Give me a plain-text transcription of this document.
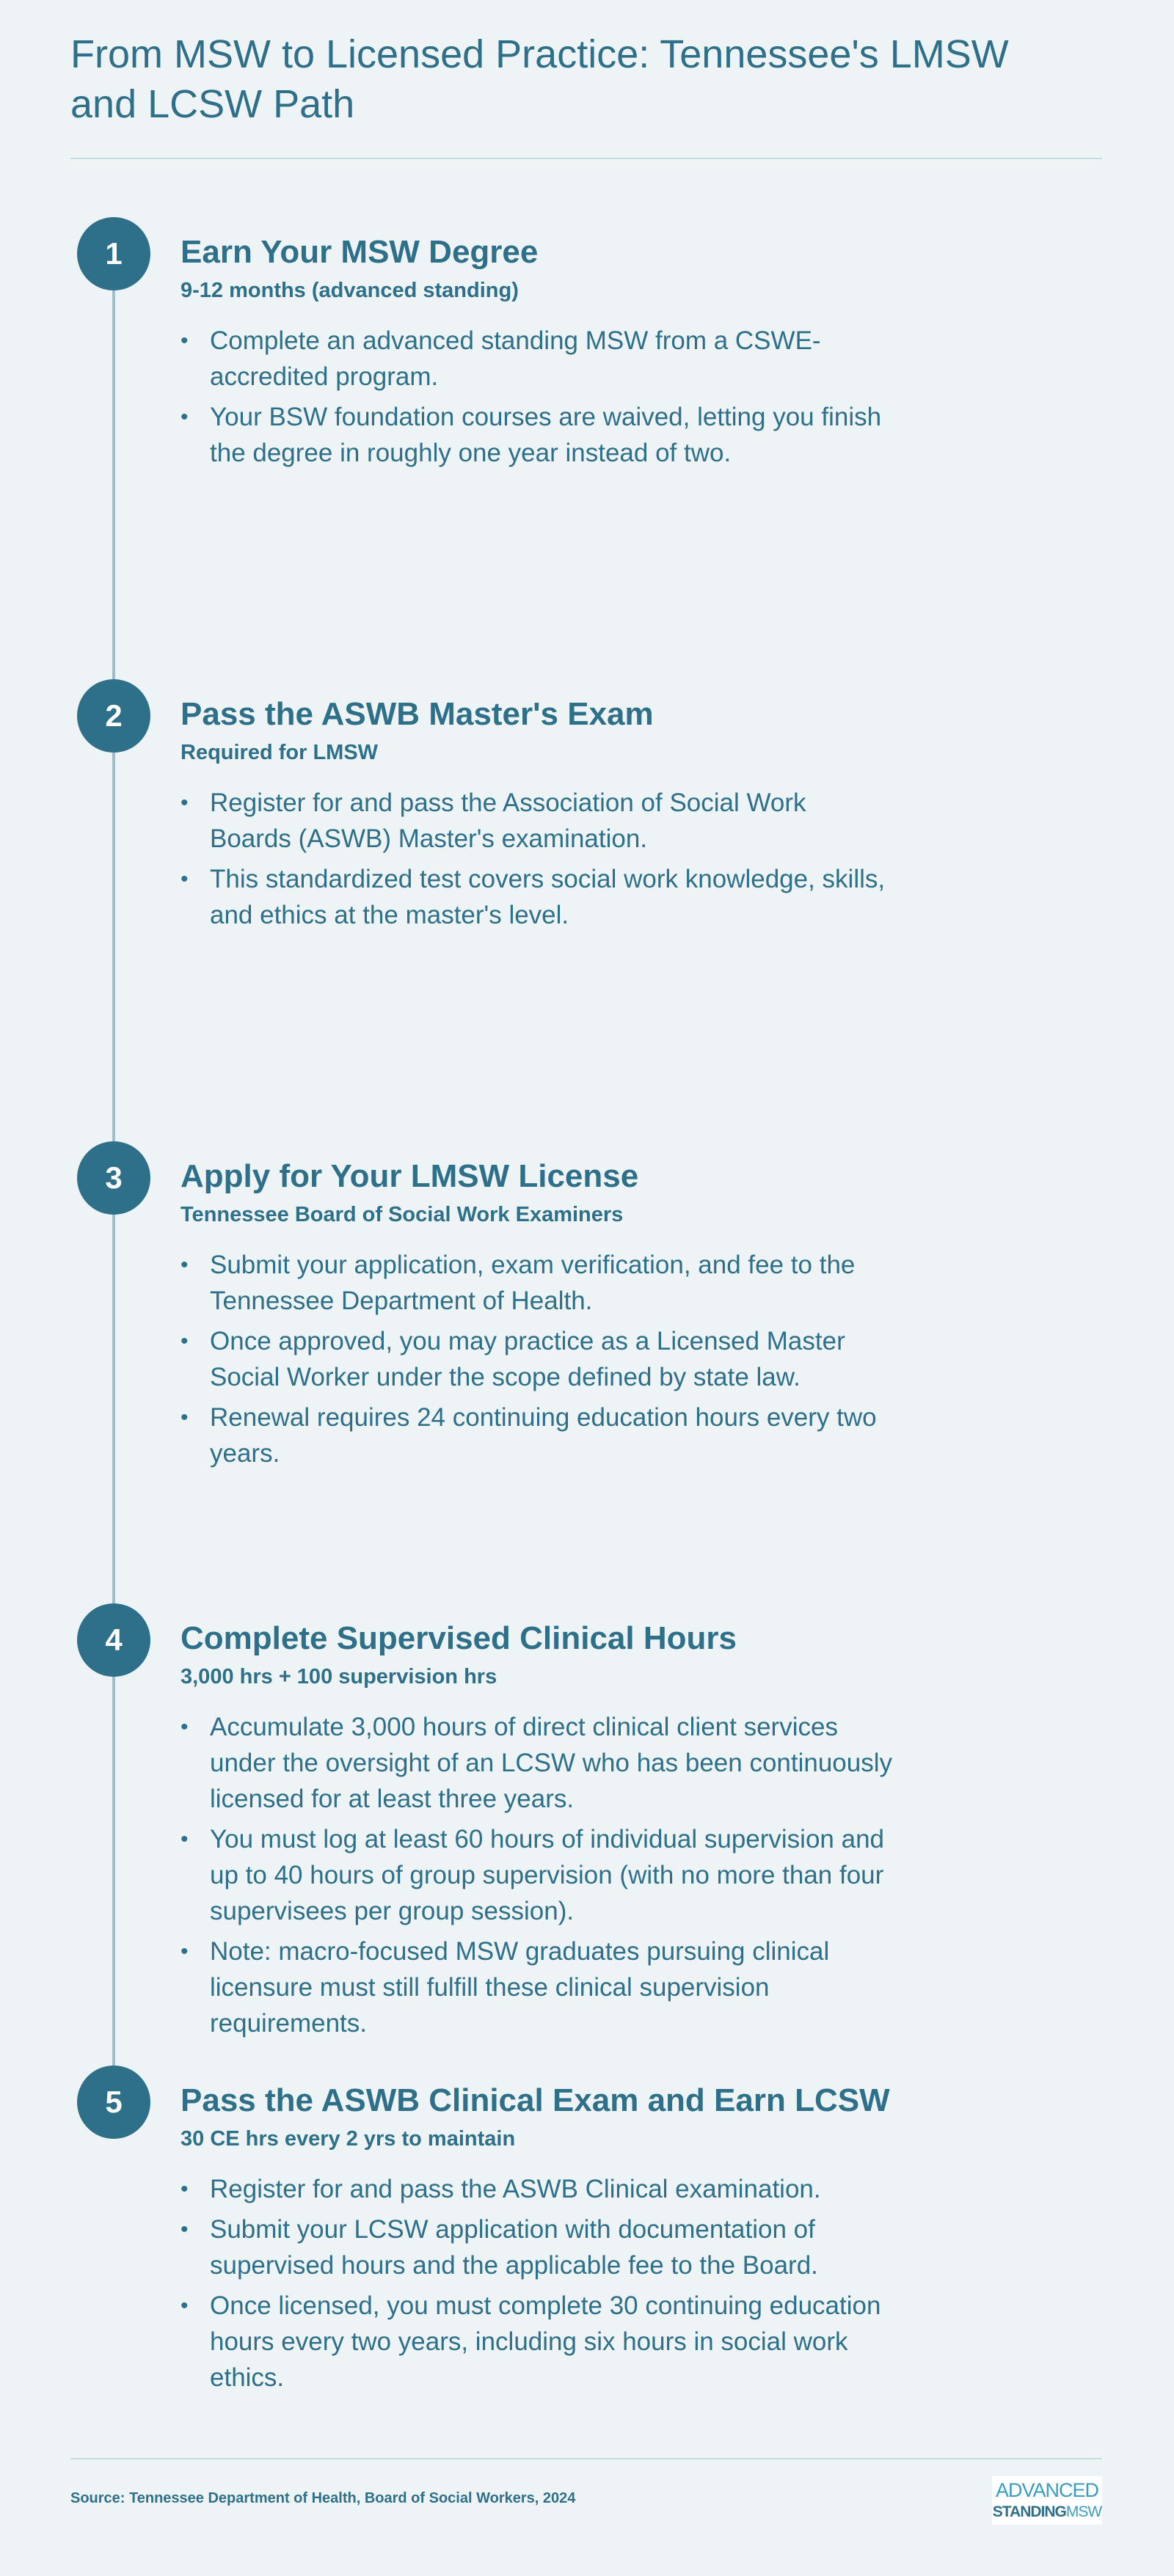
From MSW to Licensed Practice: Tennessee's LMSW and LCSW Path
1	Earn Your MSW Degree

9-12 months (advanced standing)

• Complete an advanced standing MSW from a CSWE-accredited program.
• Your BSW foundation courses are waived, letting you finish the degree in roughly one year instead of two.
2	Pass the ASWB Master's Exam

Required for LMSW

• Register for and pass the Association of Social Work Boards (ASWB) Master's examination.
• This standardized test covers social work knowledge, skills, and ethics at the master's level.
3	Apply for Your LMSW License

Tennessee Board of Social Work Examiners

• Submit your application, exam verification, and fee to the Tennessee Department of Health.
• Once approved, you may practice as a Licensed Master Social Worker under the scope defined by state law.
• Renewal requires 24 continuing education hours every two years.
4	Complete Supervised Clinical Hours

3,000 hrs + 100 supervision hrs

• Accumulate 3,000 hours of direct clinical client services under the oversight of an LCSW who has been continuously licensed for at least three years.
• You must log at least 60 hours of individual supervision and up to 40 hours of group supervision (with no more than four supervisees per group session).
• Note: macro-focused MSW graduates pursuing clinical licensure must still fulfill these clinical supervision requirements.
5	Pass the ASWB Clinical Exam and Earn LCSW

30 CE hrs every 2 yrs to maintain

• Register for and pass the ASWB Clinical examination.
• Submit your LCSW application with documentation of supervised hours and the applicable fee to the Board.
• Once licensed, you must complete 30 continuing education hours every two years, including six hours in social work ethics.

Source: Tennessee Department of Health, Board of Social Workers, 2024	ADVANCED
STANDINGMSW
